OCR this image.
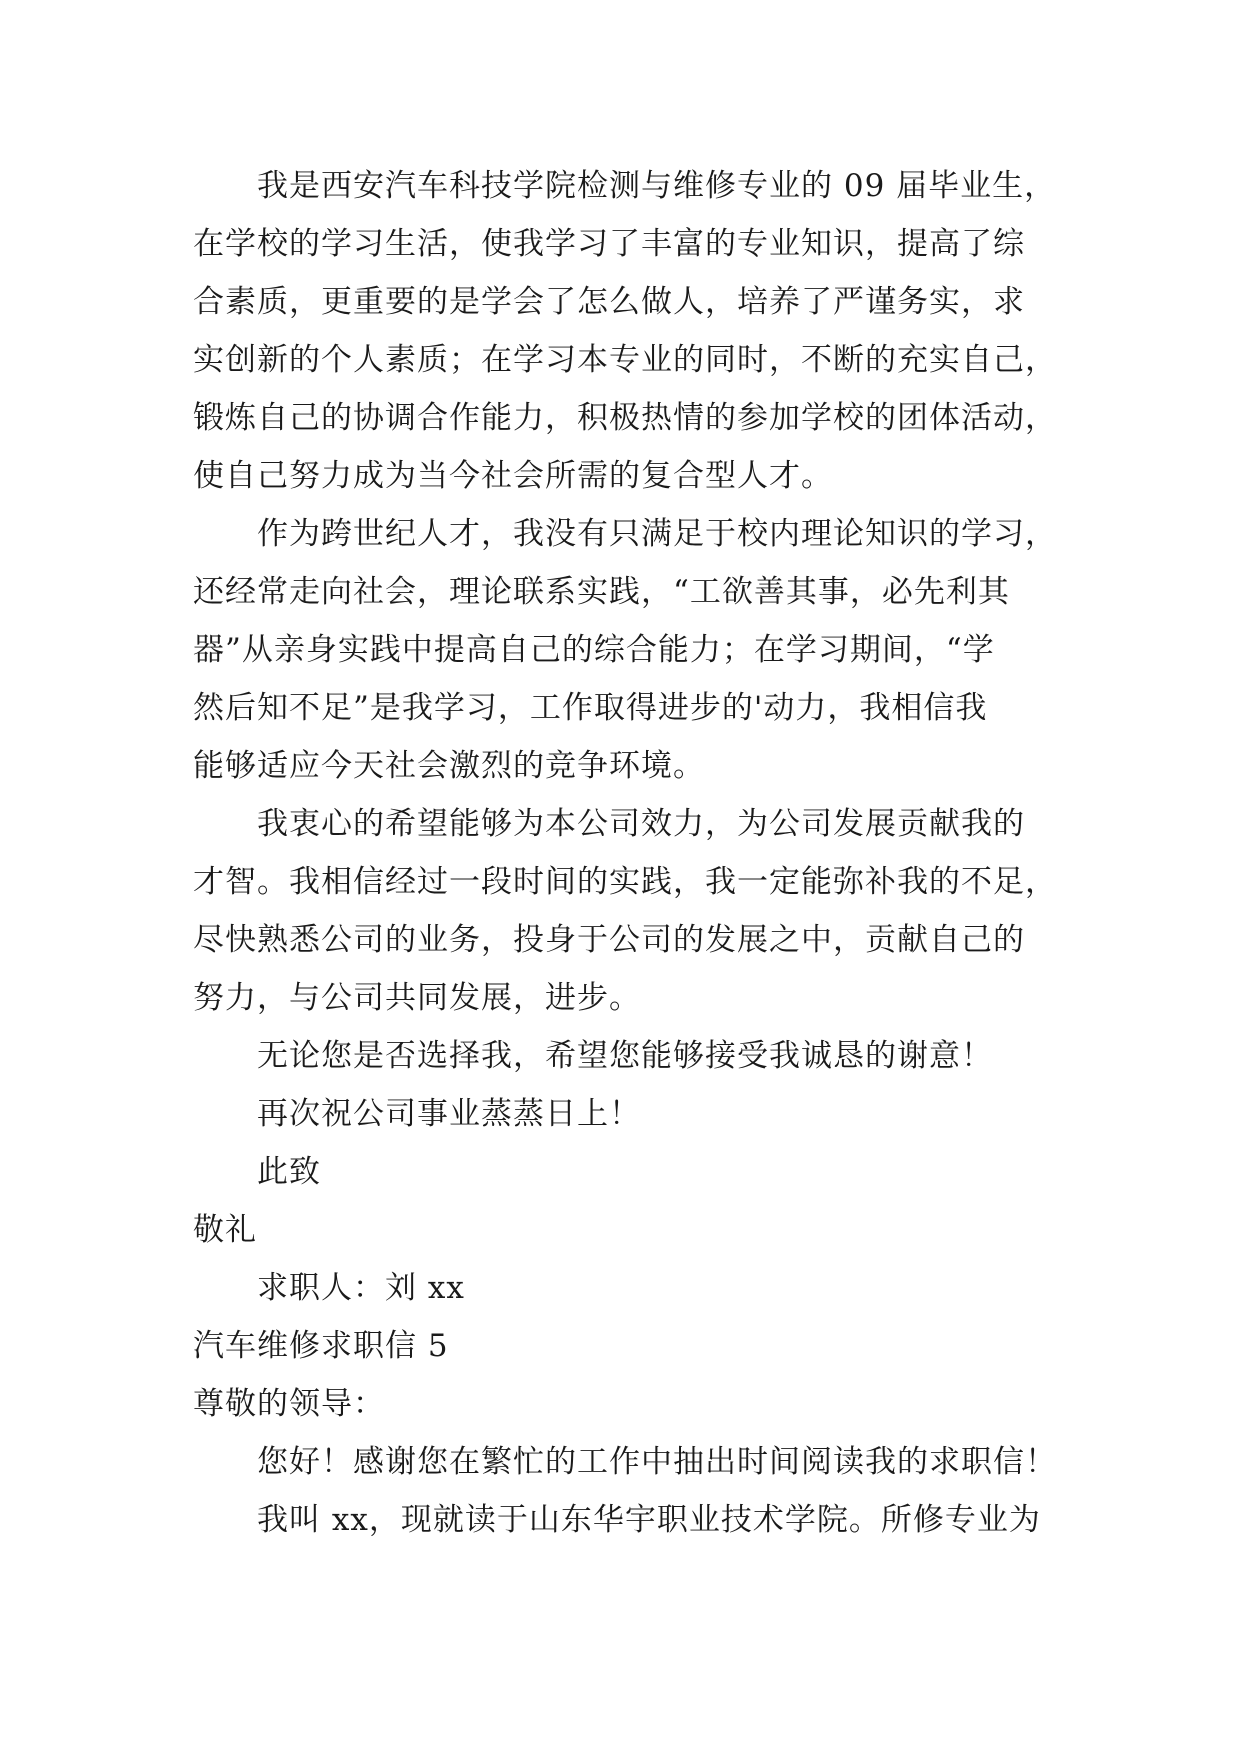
我是西安汽车科技学院检测与维修专业的 09 届毕业生，
在学校的学习生活，使我学习了丰富的专业知识，提高了综
合素质，更重要的是学会了怎么做人，培养了严谨务实，求
实创新的个人素质；在学习本专业的同时，不断的充实自己，
锻炼自己的协调合作能力，积极热情的参加学校的团体活动，
使自己努力成为当今社会所需的复合型人才。
作为跨世纪人才，我没有只满足于校内理论知识的学习，
还经常走向社会，理论联系实践，“工欲善其事，必先利其
器”从亲身实践中提高自己的综合能力；在学习期间，“学
然后知不足”是我学习，工作取得进步的'动力，我相信我
能够适应今天社会激烈的竞争环境。
我衷心的希望能够为本公司效力，为公司发展贡献我的
才智。我相信经过一段时间的实践，我一定能弥补我的不足，
尽快熟悉公司的业务，投身于公司的发展之中，贡献自己的
努力，与公司共同发展，进步。
无论您是否选择我，希望您能够接受我诚恳的谢意！
再次祝公司事业蒸蒸日上！
此致
敬礼
求职人：刘 xx
汽车维修求职信 5
尊敬的领导：
您好！感谢您在繁忙的工作中抽出时间阅读我的求职信！
我叫 xx，现就读于山东华宇职业技术学院。所修专业为
